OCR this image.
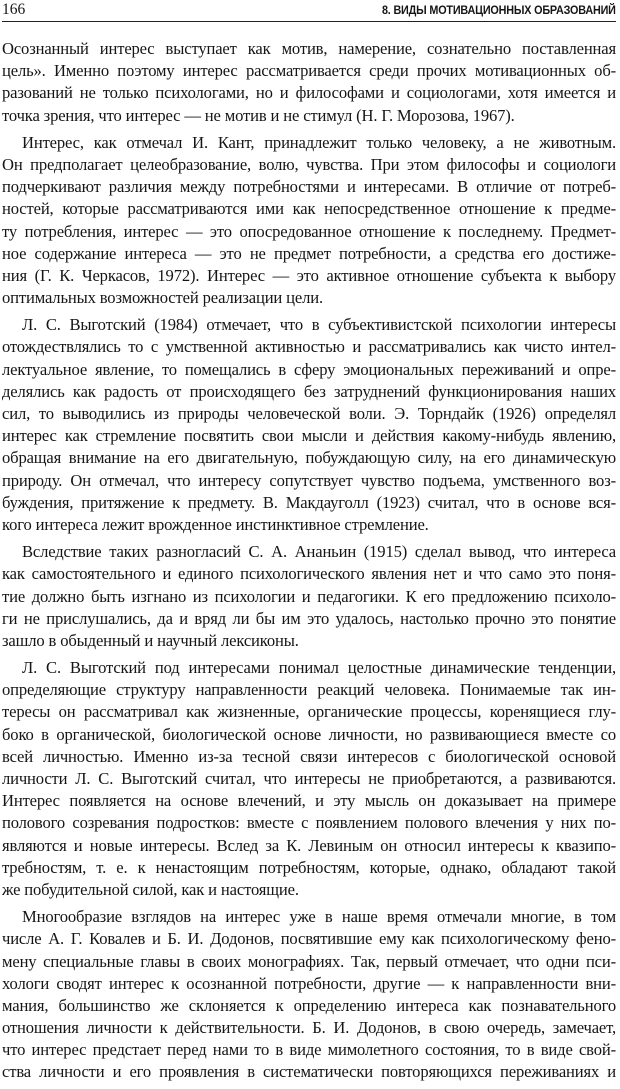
166	8. ВИДЫ МОТИВАЦИОННЫХ ОБРАЗОВАНИЙ
Осознанный интерес выступает как мотив, намерение, сознательно поставленная
цель». Именно поэтому интерес рассматривается среди прочих мотивационных об-
разований не только психологами, но и философами и социологами, хотя имеется и
точка зрения, что интерес — не мотив и не стимул (Н. Г. Морозова, 1967).
Интерес, как отмечал И. Кант, принадлежит только человеку, а не животным.
Он предполагает целеобразование, волю, чувства. При этом философы и социологи
подчеркивают различия между потребностями и интересами. В отличие от потреб-
ностей, которые рассматриваются ими как непосредственное отношение к предме-
ту потребления, интерес — это опосредованное отношение к последнему. Предмет-
ное содержание интереса — это не предмет потребности, а средства его достиже-
ния (Г. К. Черкасов, 1972). Интерес — это активное отношение субъекта к выбору
оптимальных возможностей реализации цели.
Л. С. Выготский (1984) отмечает, что в субъективистской психологии интересы
отождествлялись то с умственной активностью и рассматривались как чисто интел-
лектуальное явление, то помещались в сферу эмоциональных переживаний и опре-
делялись как радость от происходящего без затруднений функционирования наших
сил, то выводились из природы человеческой воли. Э. Торндайк (1926) определял
интерес как стремление посвятить свои мысли и действия какому-нибудь явлению,
обращая внимание на его двигательную, побуждающую силу, на его динамическую
природу. Он отмечал, что интересу сопутствует чувство подъема, умственного воз-
буждения, притяжение к предмету. В. Макдауголл (1923) считал, что в основе вся-
кого интереса лежит врожденное инстинктивное стремление.
Вследствие таких разногласий С. А. Ананьин (1915) сделал вывод, что интереса
как самостоятельного и единого психологического явления нет и что само это поня-
тие должно быть изгнано из психологии и педагогики. К его предложению психоло-
ги не прислушались, да и вряд ли бы им это удалось, настолько прочно это понятие
зашло в обыденный и научный лексиконы.
Л. С. Выготский под интересами понимал целостные динамические тенденции,
определяющие структуру направленности реакций человека. Понимаемые так ин-
тересы он рассматривал как жизненные, органические процессы, коренящиеся глу-
боко в органической, биологической основе личности, но развивающиеся вместе со
всей личностью. Именно из-за тесной связи интересов с биологической основой
личности Л. С. Выготский считал, что интересы не приобретаются, а развиваются.
Интерес появляется на основе влечений, и эту мысль он доказывает на примере
полового созревания подростков: вместе с появлением полового влечения у них по-
являются и новые интересы. Вслед за К. Левиным он относил интересы к квазипо-
требностям, т. е. к ненастоящим потребностям, которые, однако, обладают такой
же побудительной силой, как и настоящие.
Многообразие взглядов на интерес уже в наше время отмечали многие, в том
числе А. Г. Ковалев и Б. И. Додонов, посвятившие ему как психологическому фено-
мену специальные главы в своих монографиях. Так, первый отмечает, что одни пси-
хологи сводят интерес к осознанной потребности, другие — к направленности вни-
мания, большинство же склоняется к определению интереса как познавательного
отношения личности к действительности. Б. И. Додонов, в свою очередь, замечает,
что интерес предстает перед нами то в виде мимолетного состояния, то в виде свой-
ства личности и его проявления в систематически повторяющихся переживаниях и
